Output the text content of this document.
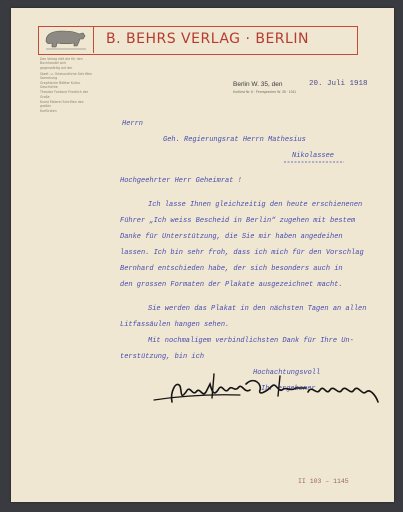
B. BEHRS VERLAG · BERLIN
Das Verlag hält die für den Buchhandel sich
gegenwärtig auf der
Stadt. u. Ortskundliche Schriften Sammlung
Graphische Blätter Kultur Geschichte
Theodor Fontane Friedrich der Große
Kunst Malerei Schriften des großen
Kurfürsten
Berlin W. 35, den	20. Juli 1918
Kurfürst Nr. 6 · Fernsprecher W. 35 · 1911
Herrn
Geh. Regierungsrat Herrn Mathesius
Nikolassee
Hochgeehrter Herr Geheimrat !
Ich lasse Ihnen gleichzeitig den heute erschienenen
Führer „Ich weiss Bescheid in Berlin“ zugehen mit bestem
Danke für Unterstützung, die Sie mir haben angedeihen
lassen. Ich bin sehr froh, dass ich mich für den Vorschlag
Bernhard entschieden habe, der sich besonders auch in
den grossen Formaten der Plakate ausgezeichnet macht.
Sie werden das Plakat in den nächsten Tagen an allen
Litfassäulen hangen sehen.
Mit nochmaligem verbindlichsten Dank für Ihre Un-
terstützung, bin ich
Hochachtungsvoll
Ihr ergebener
II 103 – 1145
